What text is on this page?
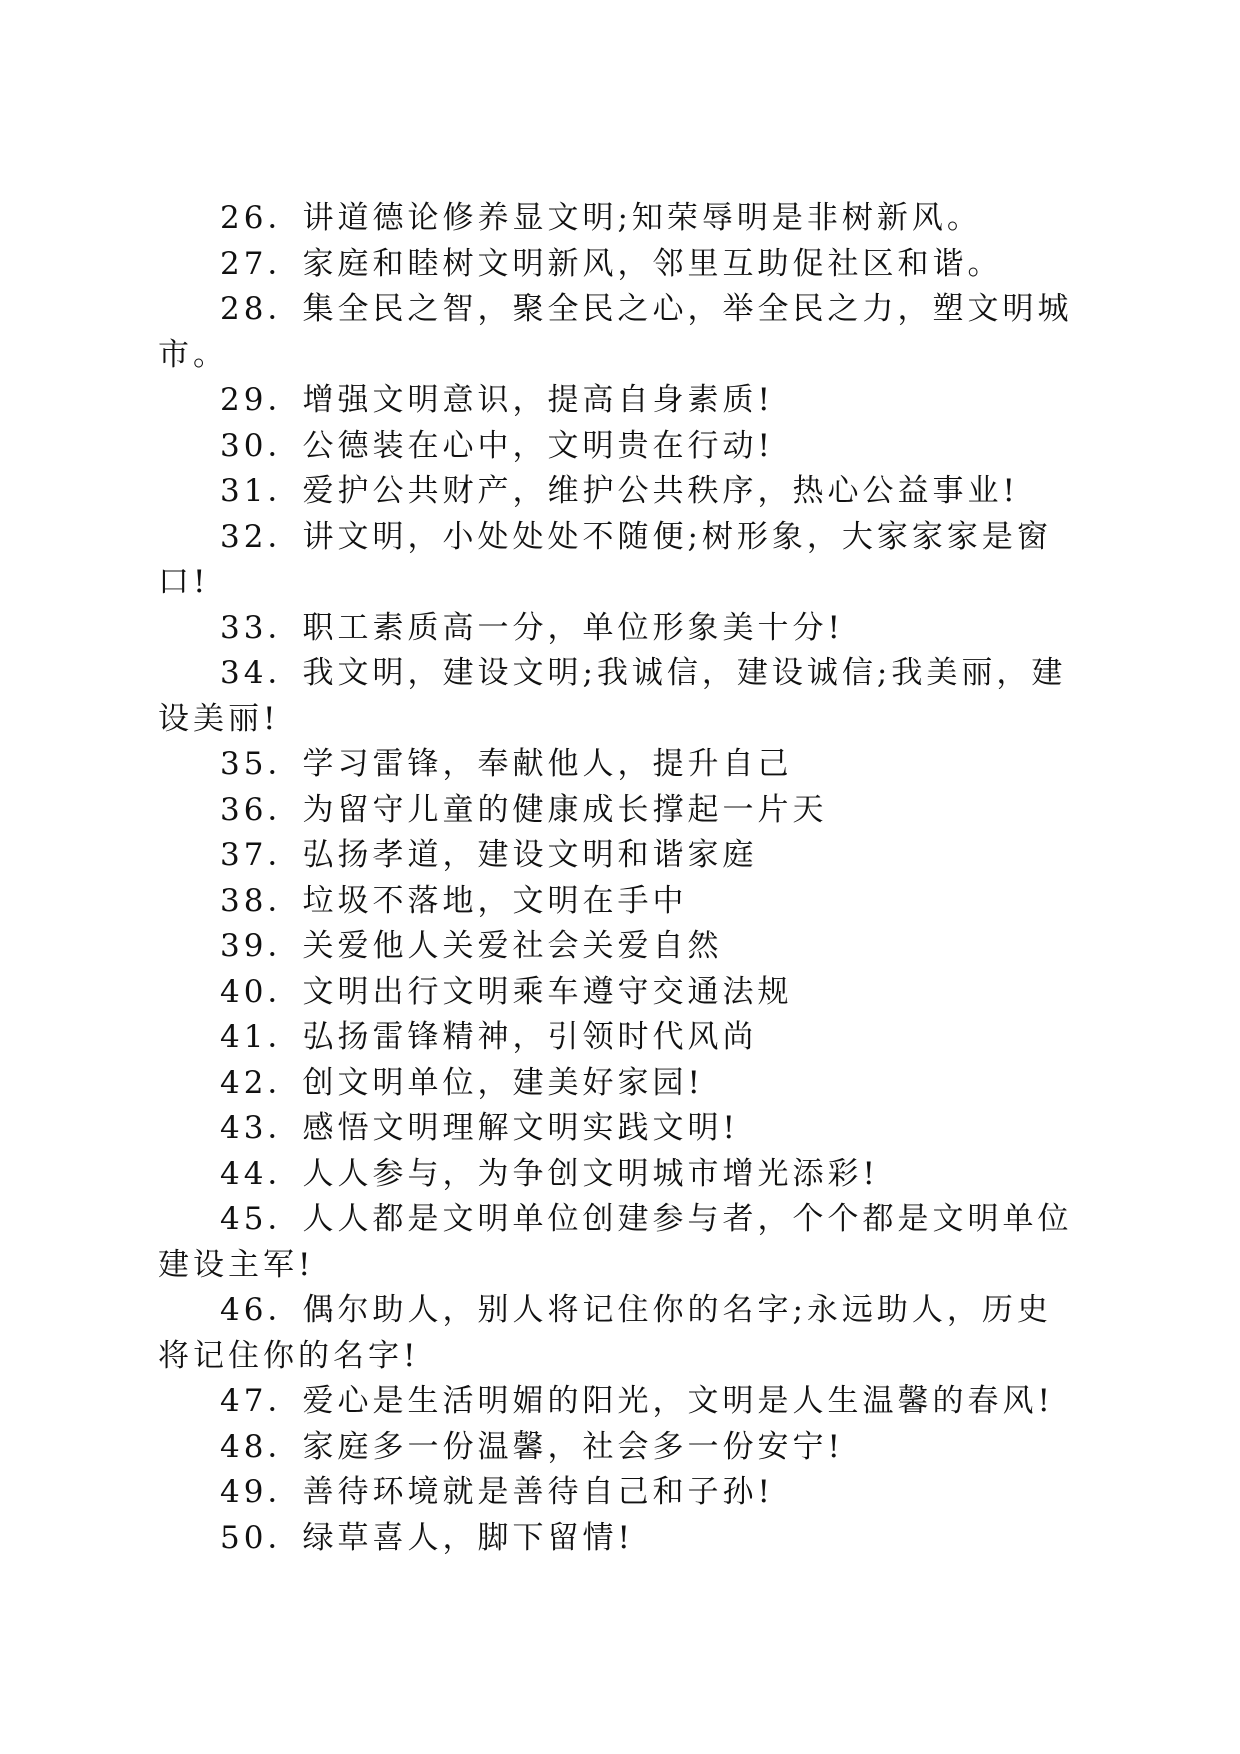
26．讲道德论修养显文明;知荣辱明是非树新风。

27．家庭和睦树文明新风，邻里互助促社区和谐。

28．集全民之智，聚全民之心，举全民之力，塑文明城市。

29．增强文明意识，提高自身素质!

30．公德装在心中，文明贵在行动!

31．爱护公共财产，维护公共秩序，热心公益事业!

32．讲文明，小处处处不随便;树形象，大家家家是窗口!

33．职工素质高一分，单位形象美十分!

34．我文明，建设文明;我诚信，建设诚信;我美丽，建设美丽!

35．学习雷锋，奉献他人，提升自己

36．为留守儿童的健康成长撑起一片天

37．弘扬孝道，建设文明和谐家庭

38．垃圾不落地，文明在手中

39．关爱他人关爱社会关爱自然

40．文明出行文明乘车遵守交通法规

41．弘扬雷锋精神，引领时代风尚

42．创文明单位，建美好家园!

43．感悟文明理解文明实践文明!

44．人人参与，为争创文明城市增光添彩!

45．人人都是文明单位创建参与者，个个都是文明单位建设主军!

46．偶尔助人，别人将记住你的名字;永远助人，历史将记住你的名字!

47．爱心是生活明媚的阳光，文明是人生温馨的春风!

48．家庭多一份温馨，社会多一份安宁!

49．善待环境就是善待自己和子孙!

50．绿草喜人，脚下留情!
